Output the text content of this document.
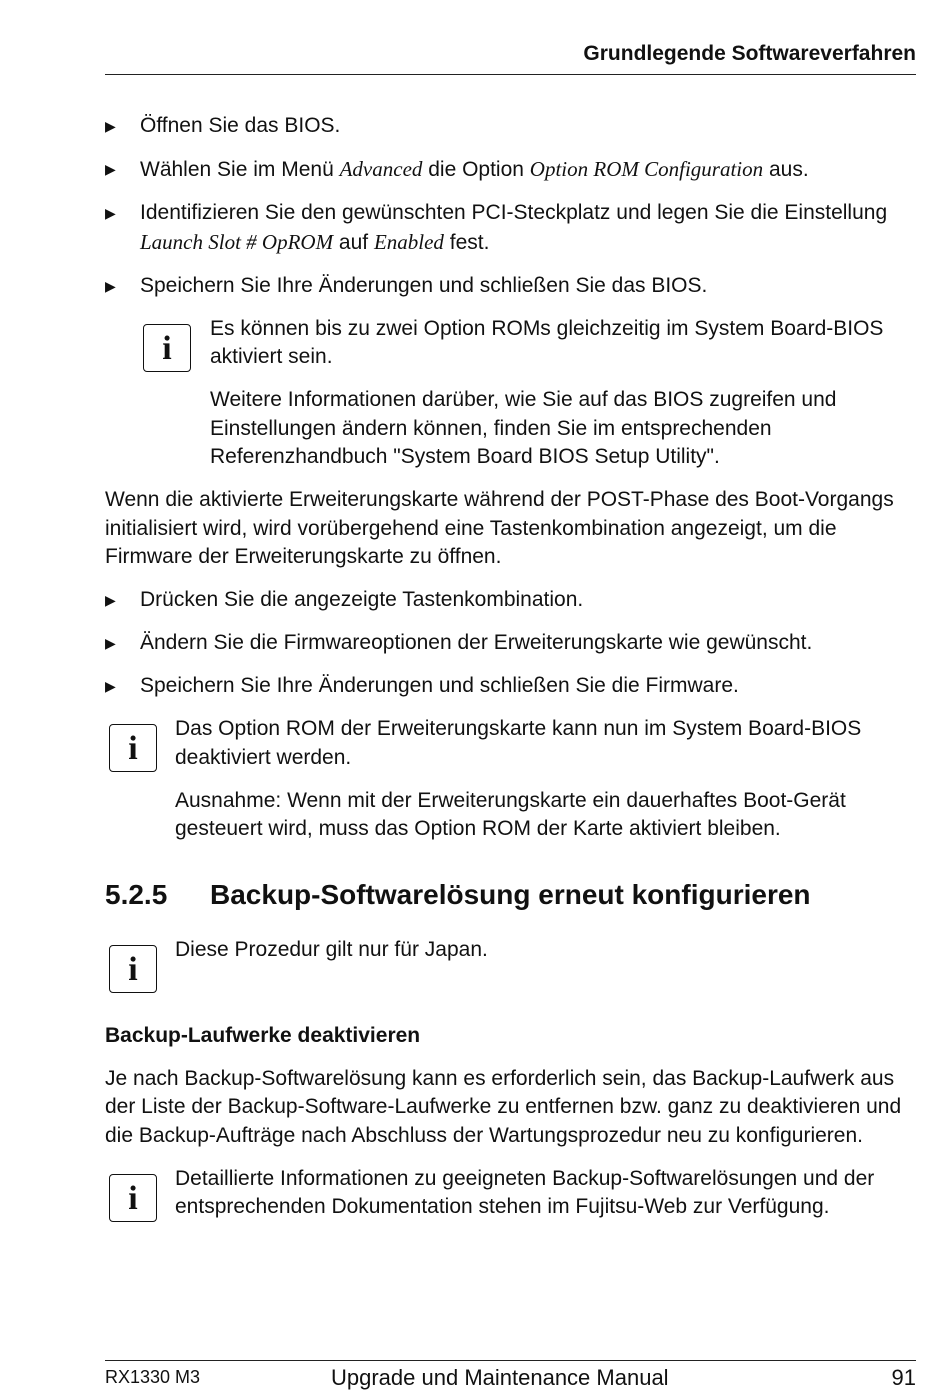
Grundlegende Softwareverfahren
▶ Öffnen Sie das BIOS.
▶ Wählen Sie im Menü Advanced die Option Option ROM Configuration aus.
▶ Identifizieren Sie den gewünschten PCI-Steckplatz und legen Sie die Einstellung Launch Slot # OpROM auf Enabled fest.
▶ Speichern Sie Ihre Änderungen und schließen Sie das BIOS.
i

Es können bis zu zwei Option ROMs gleichzeitig im System Board-BIOS aktiviert sein.

Weitere Informationen darüber, wie Sie auf das BIOS zugreifen und Einstellungen ändern können, finden Sie im entsprechenden Referenzhandbuch "System Board BIOS Setup Utility".

Wenn die aktivierte Erweiterungskarte während der POST-Phase des Boot-Vorgangs initialisiert wird, wird vorübergehend eine Tastenkombination angezeigt, um die Firmware der Erweiterungskarte zu öffnen.

▶ Drücken Sie die angezeigte Tastenkombination.
▶ Ändern Sie die Firmwareoptionen der Erweiterungskarte wie gewünscht.
▶ Speichern Sie Ihre Änderungen und schließen Sie die Firmware.
i

Das Option ROM der Erweiterungskarte kann nun im System Board-BIOS deaktiviert werden.

Ausnahme: Wenn mit der Erweiterungskarte ein dauerhaftes Boot-Gerät gesteuert wird, muss das Option ROM der Karte aktiviert bleiben.

5.2.5	Backup-Softwarelösung erneut konfigurieren
i

Diese Prozedur gilt nur für Japan.

Backup-Laufwerke deaktivieren

Je nach Backup-Softwarelösung kann es erforderlich sein, das Backup-Laufwerk aus der Liste der Backup-Software-Laufwerke zu entfernen bzw. ganz zu deaktivieren und die Backup-Aufträge nach Abschluss der Wartungsprozedur neu zu konfigurieren.

i

Detaillierte Informationen zu geeigneten Backup-Softwarelösungen und der entsprechenden Dokumentation stehen im Fujitsu-Web zur Verfügung.

RX1330 M3	Upgrade und Maintenance Manual	91
